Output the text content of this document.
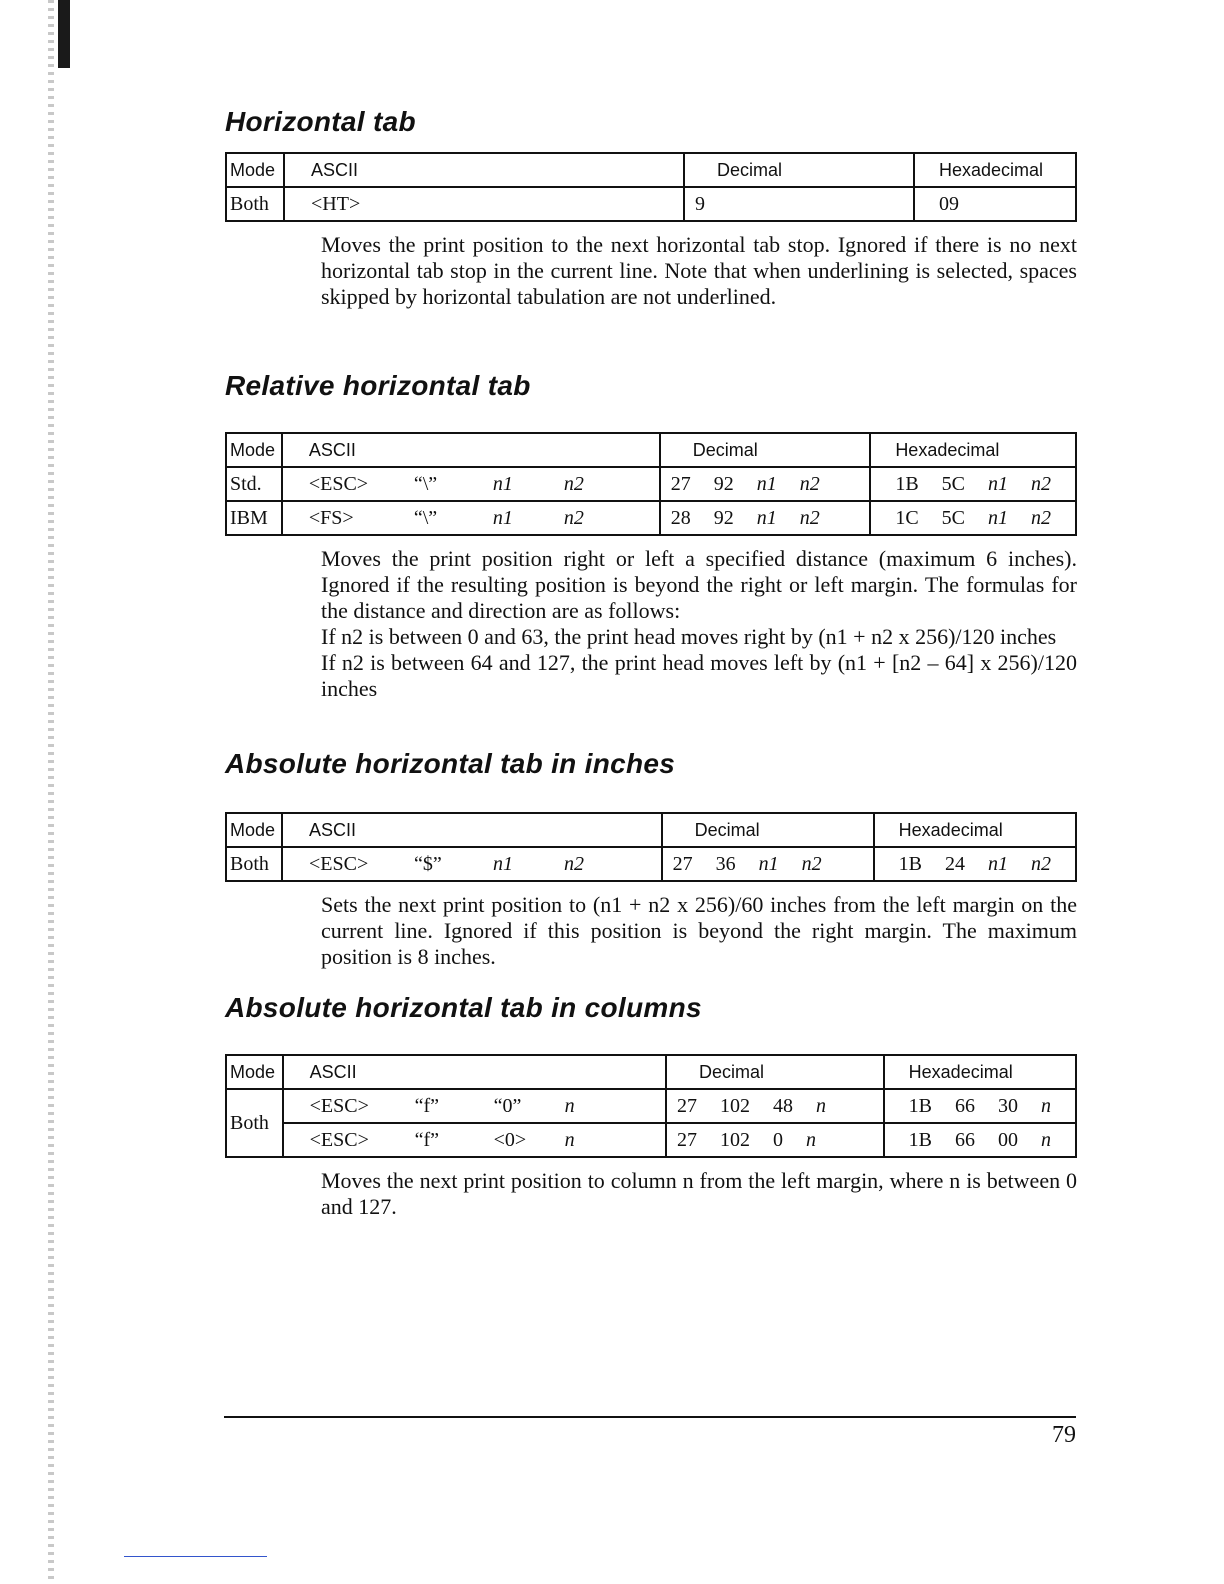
Horizontal tab
Mode	ASCII	Decimal	Hexadecimal
Both	<HT>	9	09

Moves the print position to the next horizontal tab stop. Ignored if there is no next horizontal tab stop in the current line. Note that when underlining is selected, spaces skipped by horizontal tabulation are not underlined.

Relative horizontal tab
Mode	ASCII	Decimal	Hexadecimal
Std.	<ESC> “\” n1 n2	27 92 n1 n2	1B 5C n1 n2
IBM	<FS> “\” n1 n2	28 92 n1 n2	1C 5C n1 n2

Moves the print position right or left a specified distance (maximum 6 inches). Ignored if the resulting position is beyond the right or left margin. The formulas for the distance and direction are as follows:

If n2 is between 0 and 63, the print head moves right by (n1 + n2 x 256)/120 inches

If n2 is between 64 and 127, the print head moves left by (n1 + [n2 – 64] x 256)/120 inches

Absolute horizontal tab in inches
Mode	ASCII	Decimal	Hexadecimal
Both	<ESC> “$” n1 n2	27 36 n1 n2	1B 24 n1 n2

Sets the next print position to (n1 + n2 x 256)/60 inches from the left margin on the current line. Ignored if this position is beyond the right margin. The maximum position is 8 inches.

Absolute horizontal tab in columns
Mode	ASCII	Decimal	Hexadecimal
Both	<ESC> “f” “0” n	27 102 48 n	1B 66 30 n
	<ESC> “f” <0> n	27 102 0 n	1B 66 00 n

Moves the next print position to column n from the left margin, where n is between 0 and 127.

79
